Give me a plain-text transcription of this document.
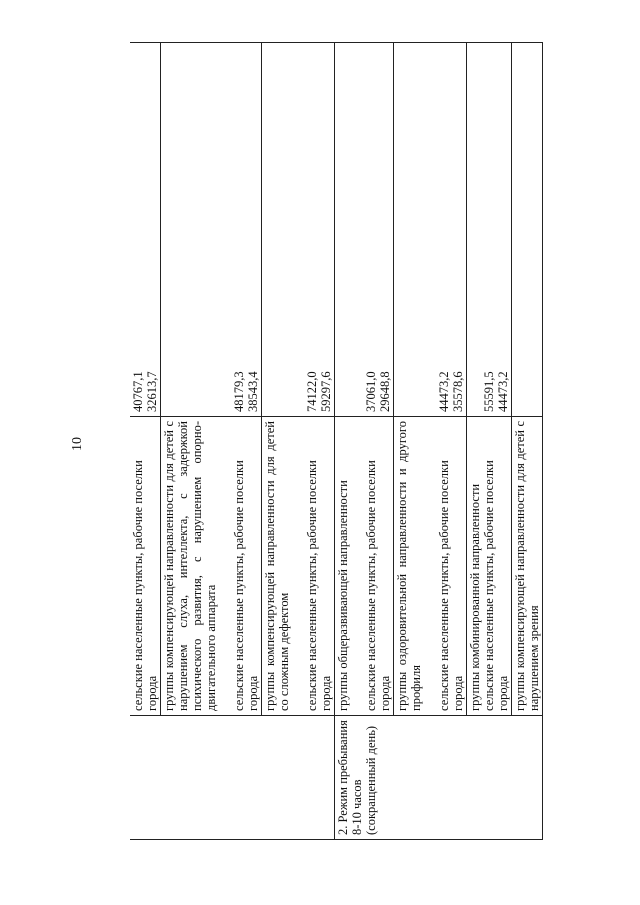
10

	сельские населенные пункты, рабочие поселки города	40767,1 32613,7

	группы компенсирующей направленности для детей с нарушением слуха, интеллекта, с задержкой психического развития, с нарушением опорно-двигательного аппарата сельские населенные пункты, рабочие поселки города	48179,3 38543,4

	группы компенсирующей направленности для детей со сложным дефектом сельские населенные пункты, рабочие поселки города	74122,0 59297,6

2. Режим пребывания 8-10 часов (сокращенный день)	группы общеразвивающей направленности сельские населенные пункты, рабочие поселки города	37061,0 29648,8

	группы оздоровительной направленности и другого профиля сельские населенные пункты, рабочие поселки города	44473,2 35578,6

	группы комбинированной направленности сельские населенные пункты, рабочие поселки города	55591,5 44473,2

	группы компенсирующей направленности для детей с нарушением зрения	
